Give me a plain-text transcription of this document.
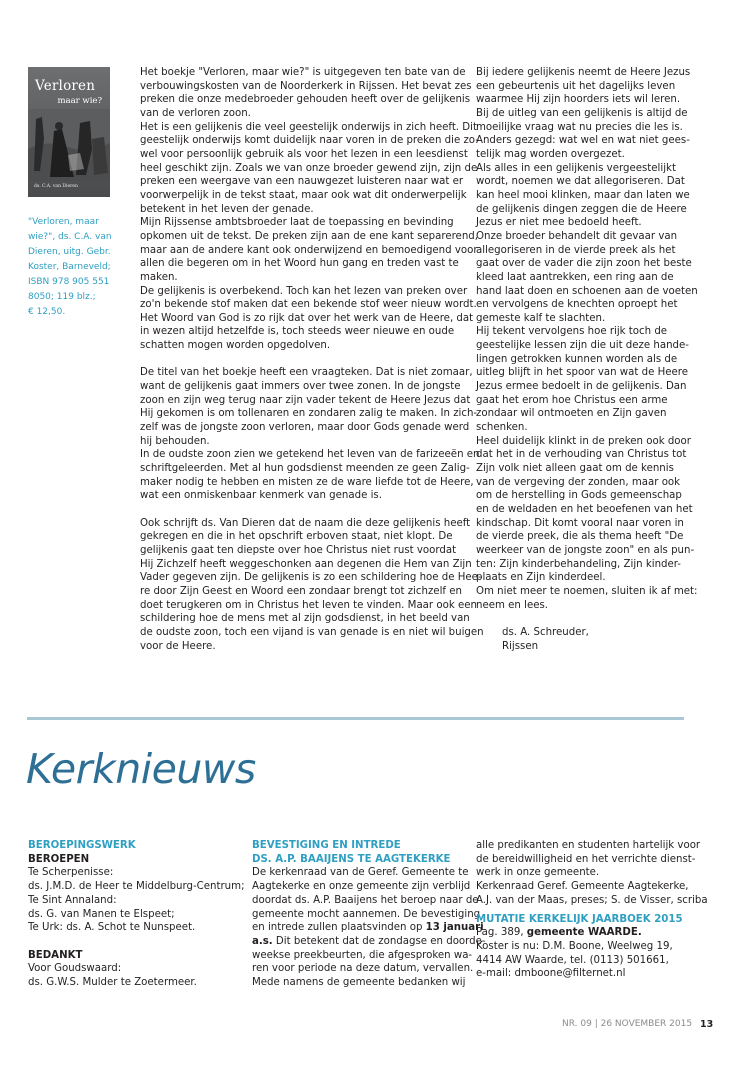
Verloren
maar wie?
ds. C.A. van Dieren
"Verloren, maar
wie?", ds. C.A. van
Dieren, uitg. Gebr.
Koster, Barneveld;
ISBN 978 905 551
8050; 119 blz.;
€ 12,50.

Het boekje "Verloren, maar wie?" is uitgegeven ten bate van de

verbouwingskosten van de Noorderkerk in Rijssen. Het bevat zes

preken die onze medebroeder gehouden heeft over de gelijkenis

van de verloren zoon.

Het is een gelijkenis die veel geestelijk onderwijs in zich heeft. Dit

geestelijk onderwijs komt duidelijk naar voren in de preken die zo-

wel voor persoonlijk gebruik als voor het lezen in een leesdienst

heel geschikt zijn. Zoals we van onze broeder gewend zijn, zijn de

preken een weergave van een nauwgezet luisteren naar wat er

voorwerpelijk in de tekst staat, maar ook wat dit onderwerpelijk

betekent in het leven der genade.

Mijn Rijssense ambtsbroeder laat de toepassing en bevinding

opkomen uit de tekst. De preken zijn aan de ene kant separerend,

maar aan de andere kant ook onderwijzend en bemoedigend voor

allen die begeren om in het Woord hun gang en treden vast te

maken.

De gelijkenis is overbekend. Toch kan het lezen van preken over

zo'n bekende stof maken dat een bekende stof weer nieuw wordt.

Het Woord van God is zo rijk dat over het werk van de Heere, dat

in wezen altijd hetzelfde is, toch steeds weer nieuwe en oude

schatten mogen worden opgedolven.

De titel van het boekje heeft een vraagteken. Dat is niet zomaar,

want de gelijkenis gaat immers over twee zonen. In de jongste

zoon en zijn weg terug naar zijn vader tekent de Heere Jezus dat

Hij gekomen is om tollenaren en zondaren zalig te maken. In zich-

zelf was de jongste zoon verloren, maar door Gods genade werd

hij behouden.

In de oudste zoon zien we getekend het leven van de farizeeën en

schriftgeleerden. Met al hun godsdienst meenden ze geen Zalig-

maker nodig te hebben en misten ze de ware liefde tot de Heere,

wat een onmiskenbaar kenmerk van genade is.

Ook schrijft ds. Van Dieren dat de naam die deze gelijkenis heeft

gekregen en die in het opschrift erboven staat, niet klopt. De

gelijkenis gaat ten diepste over hoe Christus niet rust voordat

Hij Zichzelf heeft weggeschonken aan degenen die Hem van Zijn

Vader gegeven zijn. De gelijkenis is zo een schildering hoe de Hee-

re door Zijn Geest en Woord een zondaar brengt tot zichzelf en

doet terugkeren om in Christus het leven te vinden. Maar ook een

schildering hoe de mens met al zijn godsdienst, in het beeld van

de oudste zoon, toch een vijand is van genade is en niet wil buigen

voor de Heere.

Bij iedere gelijkenis neemt de Heere Jezus

een gebeurtenis uit het dagelijks leven

waarmee Hij zijn hoorders iets wil leren.

Bij de uitleg van een gelijkenis is altijd de

moeilijke vraag wat nu precies die les is.

Anders gezegd: wat wel en wat niet gees-

telijk mag worden overgezet.

Als alles in een gelijkenis vergeestelijkt

wordt, noemen we dat allegoriseren. Dat

kan heel mooi klinken, maar dan laten we

de gelijkenis dingen zeggen die de Heere

Jezus er niet mee bedoeld heeft.

Onze broeder behandelt dit gevaar van

allegoriseren in de vierde preek als het

gaat over de vader die zijn zoon het beste

kleed laat aantrekken, een ring aan de

hand laat doen en schoenen aan de voeten

en vervolgens de knechten oproept het

gemeste kalf te slachten.

Hij tekent vervolgens hoe rijk toch de

geestelijke lessen zijn die uit deze hande-

lingen getrokken kunnen worden als de

uitleg blijft in het spoor van wat de Heere

Jezus ermee bedoelt in de gelijkenis. Dan

gaat het erom hoe Christus een arme

zondaar wil ontmoeten en Zijn gaven

schenken.

Heel duidelijk klinkt in de preken ook door

dat het in de verhouding van Christus tot

Zijn volk niet alleen gaat om de kennis

van de vergeving der zonden, maar ook

om de herstelling in Gods gemeenschap

en de weldaden en het beoefenen van het

kindschap. Dit komt vooral naar voren in

de vierde preek, die als thema heeft "De

weerkeer van de jongste zoon" en als pun-

ten: Zijn kinderbehandeling, Zijn kinder-

plaats en Zijn kinderdeel.

Om niet meer te noemen, sluiten ik af met:

neem en lees.

ds. A. Schreuder,

Rijssen

Kerknieuws

BEROEPINGSWERK

BEROEPEN

Te Scherpenisse:

ds. J.M.D. de Heer te Middelburg-Centrum;

Te Sint Annaland:

ds. G. van Manen te Elspeet;

Te Urk: ds. A. Schot te Nunspeet.

BEDANKT

Voor Goudswaard:

ds. G.W.S. Mulder te Zoetermeer.

BEVESTIGING EN INTREDE

DS. A.P. BAAIJENS TE AAGTEKERKE

De kerkenraad van de Geref. Gemeente te

Aagtekerke en onze gemeente zijn verblijd

doordat ds. A.P. Baaijens het beroep naar de

gemeente mocht aannemen. De bevestiging

en intrede zullen plaatsvinden op 13 januari

a.s. Dit betekent dat de zondagse en doorde-

weekse preekbeurten, die afgesproken wa-

ren voor periode na deze datum, vervallen.

Mede namens de gemeente bedanken wij

alle predikanten en studenten hartelijk voor

de bereidwilligheid en het verrichte dienst-

werk in onze gemeente.

Kerkenraad Geref. Gemeente Aagtekerke,

A.J. van der Maas, preses; S. de Visser, scriba

MUTATIE KERKELIJK JAARBOEK 2015

Pag. 389, gemeente WAARDE.

Koster is nu: D.M. Boone, Weelweg 19,

4414 AW Waarde, tel. (0113) 501661,

e-mail: dmboone@filternet.nl

NR. 09 | 26 NOVEMBER 2015 13
